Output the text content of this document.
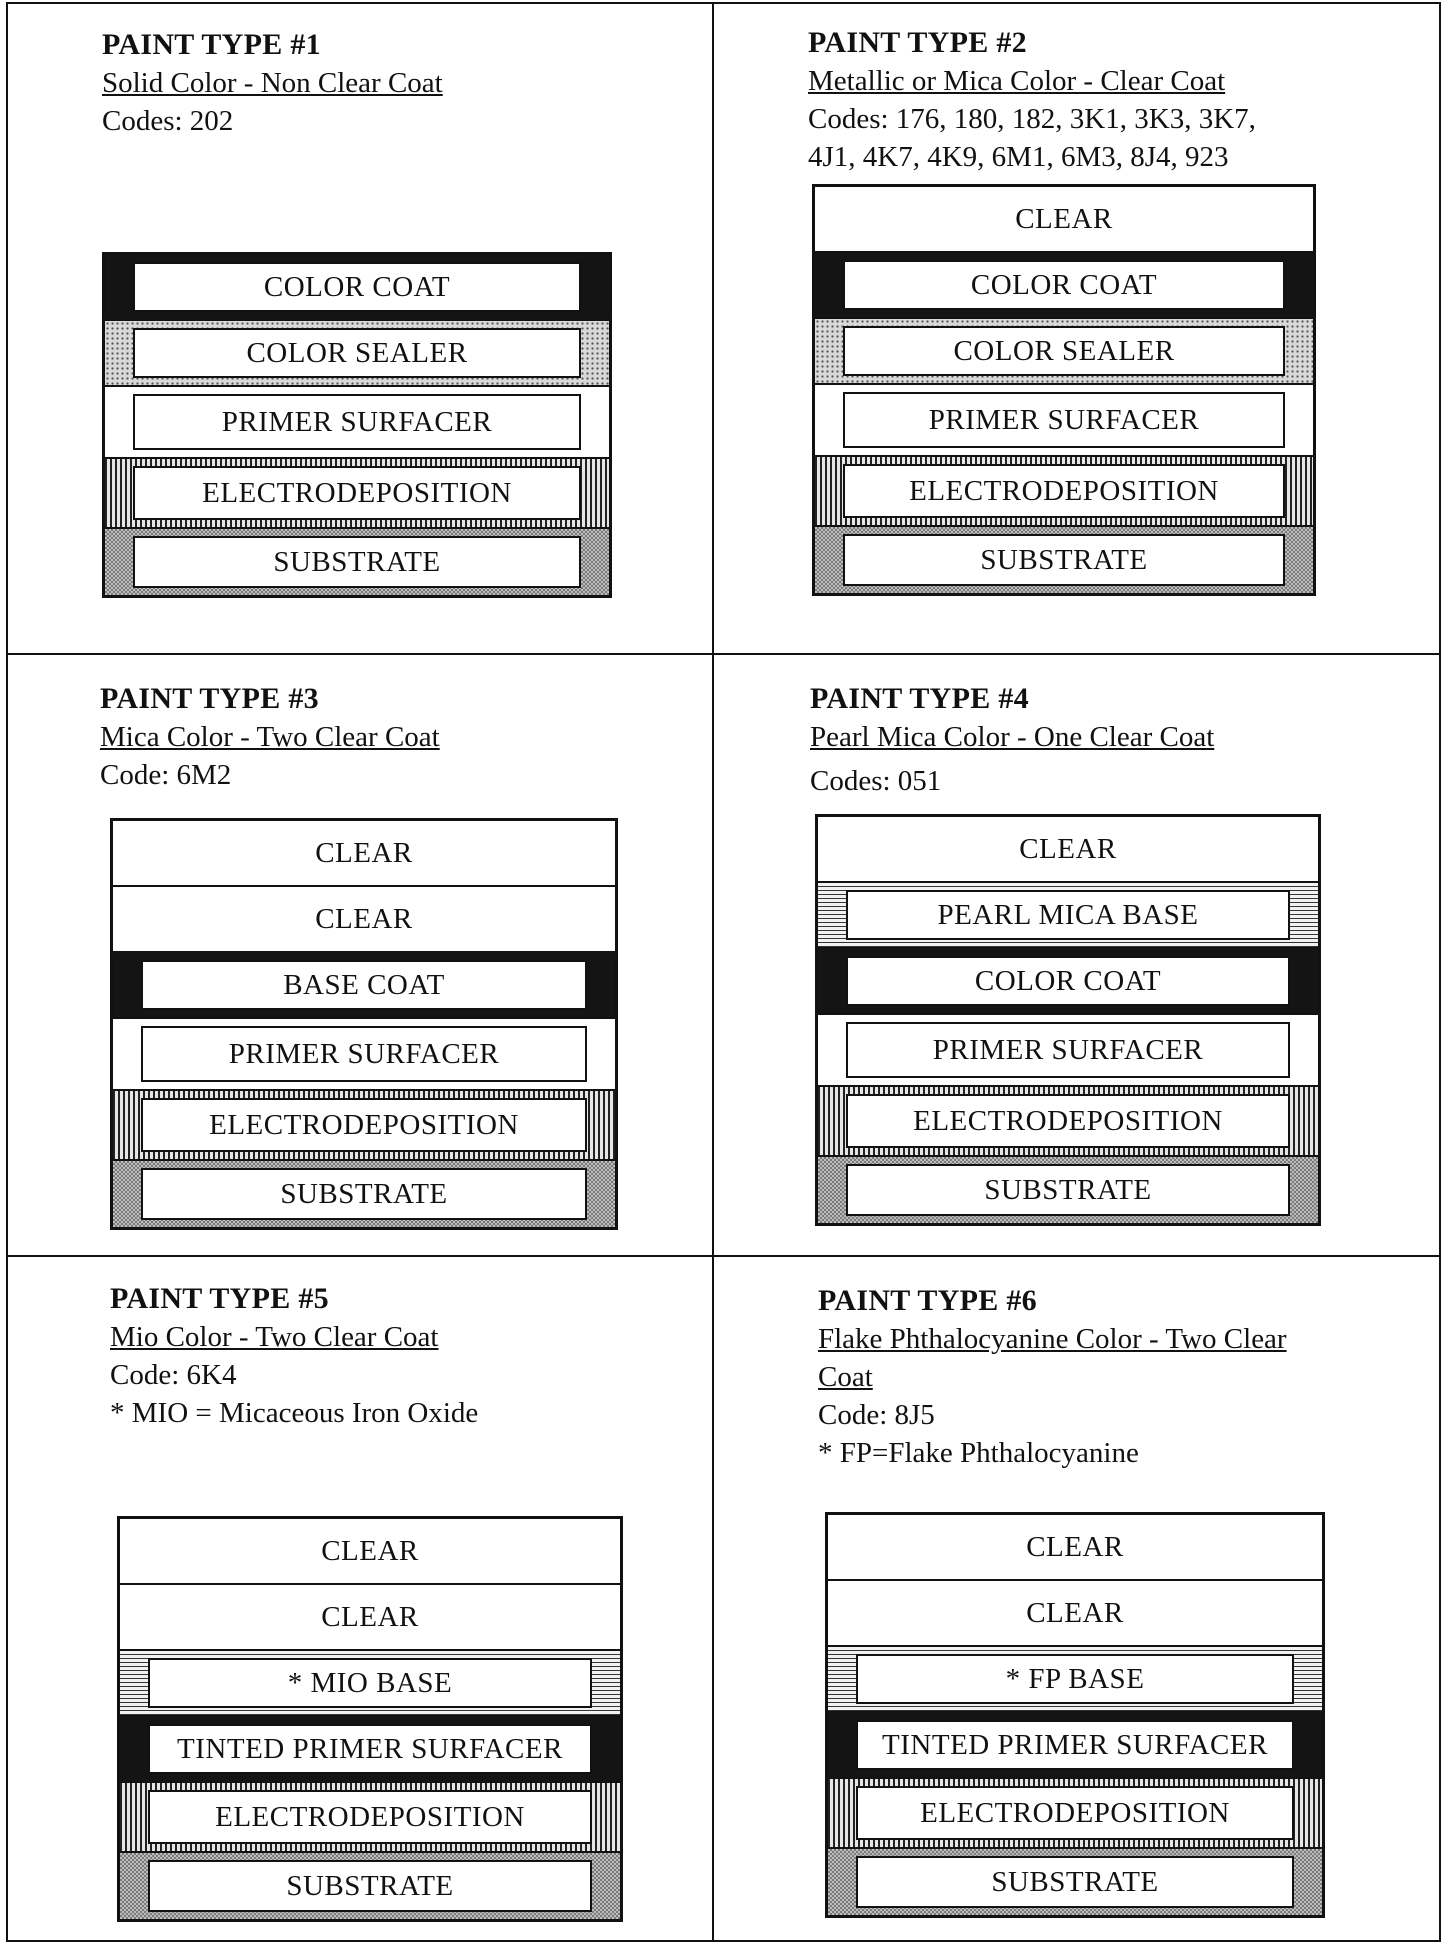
PAINT TYPE #1

Solid Color - Non Clear Coat

Codes: 202

COLOR COAT
COLOR SEALER
PRIMER SURFACER
ELECTRODEPOSITION
SUBSTRATE

PAINT TYPE #2

Metallic or Mica Color - Clear Coat

Codes: 176, 180, 182, 3K1, 3K3, 3K7,

4J1, 4K7, 4K9, 6M1, 6M3, 8J4, 923

CLEAR
COLOR COAT
COLOR SEALER
PRIMER SURFACER
ELECTRODEPOSITION
SUBSTRATE

PAINT TYPE #3

Mica Color - Two Clear Coat

Code: 6M2

CLEAR
CLEAR
BASE COAT
PRIMER SURFACER
ELECTRODEPOSITION
SUBSTRATE

PAINT TYPE #4

Pearl Mica Color - One Clear Coat

Codes: 051

CLEAR
PEARL MICA BASE
COLOR COAT
PRIMER SURFACER
ELECTRODEPOSITION
SUBSTRATE

PAINT TYPE #5

Mio Color - Two Clear Coat

Code: 6K4

* MIO = Micaceous Iron Oxide

CLEAR
CLEAR
* MIO BASE
TINTED PRIMER SURFACER
ELECTRODEPOSITION
SUBSTRATE

PAINT TYPE #6

Flake Phthalocyanine Color - Two Clear Coat

Code: 8J5

* FP=Flake Phthalocyanine

CLEAR
CLEAR
* FP BASE
TINTED PRIMER SURFACER
ELECTRODEPOSITION
SUBSTRATE
